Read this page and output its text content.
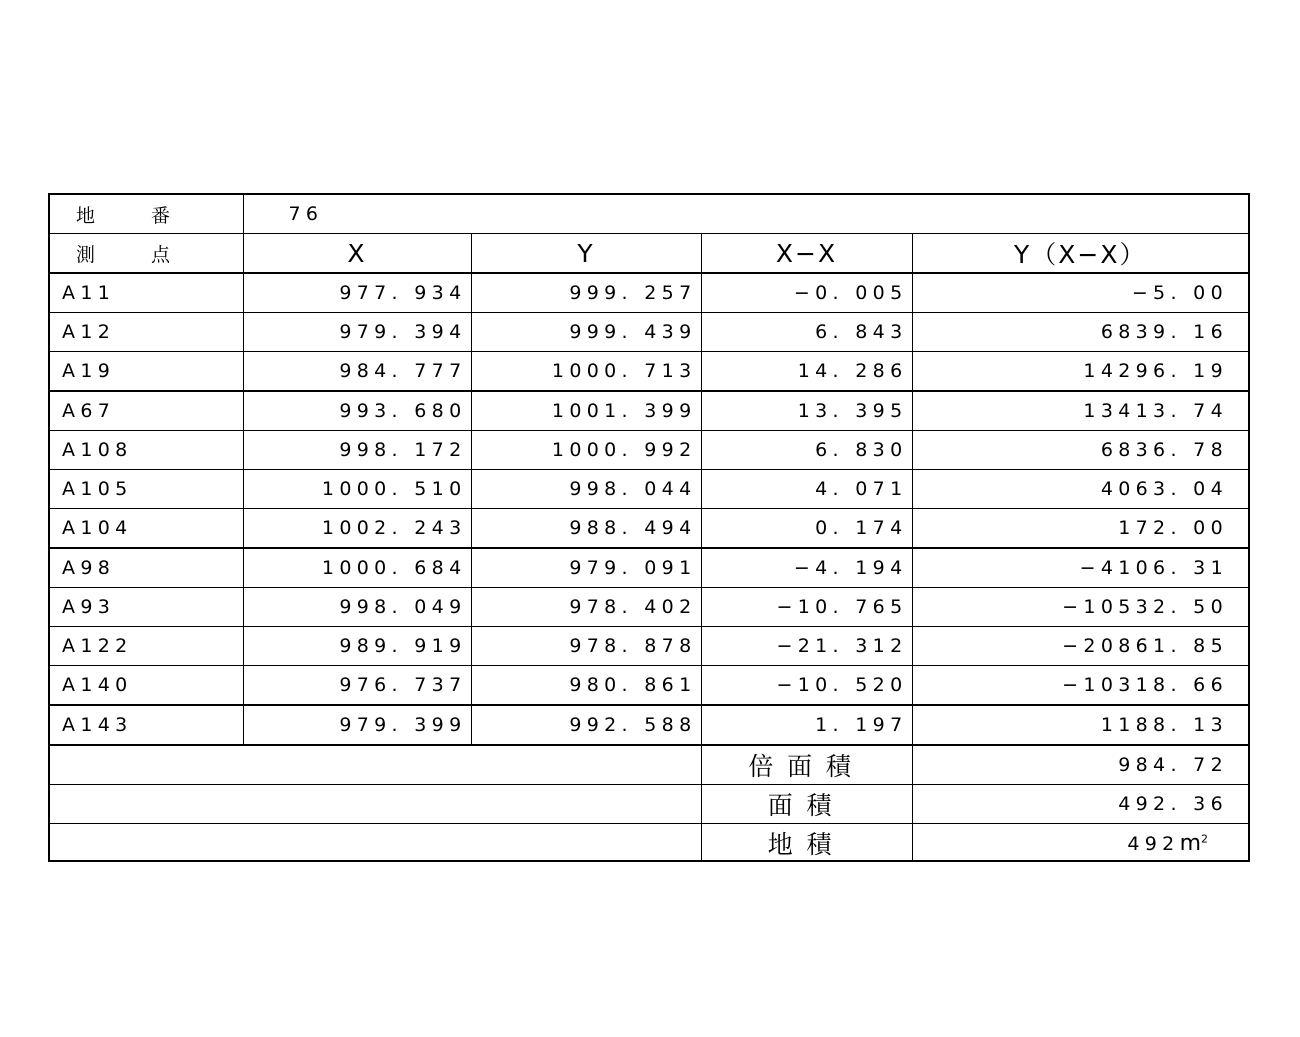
地 番	76			
測 点	X	Y	X−X	Y（X−X）
A11	977. 934	999. 257	−0. 005	−5. 00
A12	979. 394	999. 439	6. 843	6839. 16
A19	984. 777	1000. 713	14. 286	14296. 19
A67	993. 680	1001. 399	13. 395	13413. 74
A108	998. 172	1000. 992	6. 830	6836. 78
A105	1000. 510	998. 044	4. 071	4063. 04
A104	1002. 243	988. 494	0. 174	172. 00
A98	1000. 684	979. 091	−4. 194	−4106. 31
A93	998. 049	978. 402	−10. 765	−10532. 50
A122	989. 919	978. 878	−21. 312	−20861. 85
A140	976. 737	980. 861	−10. 520	−10318. 66
A143	979. 399	992. 588	1. 197	1188. 13
			倍面積	984. 72
			面積	492. 36
			地積	$492m^2$
